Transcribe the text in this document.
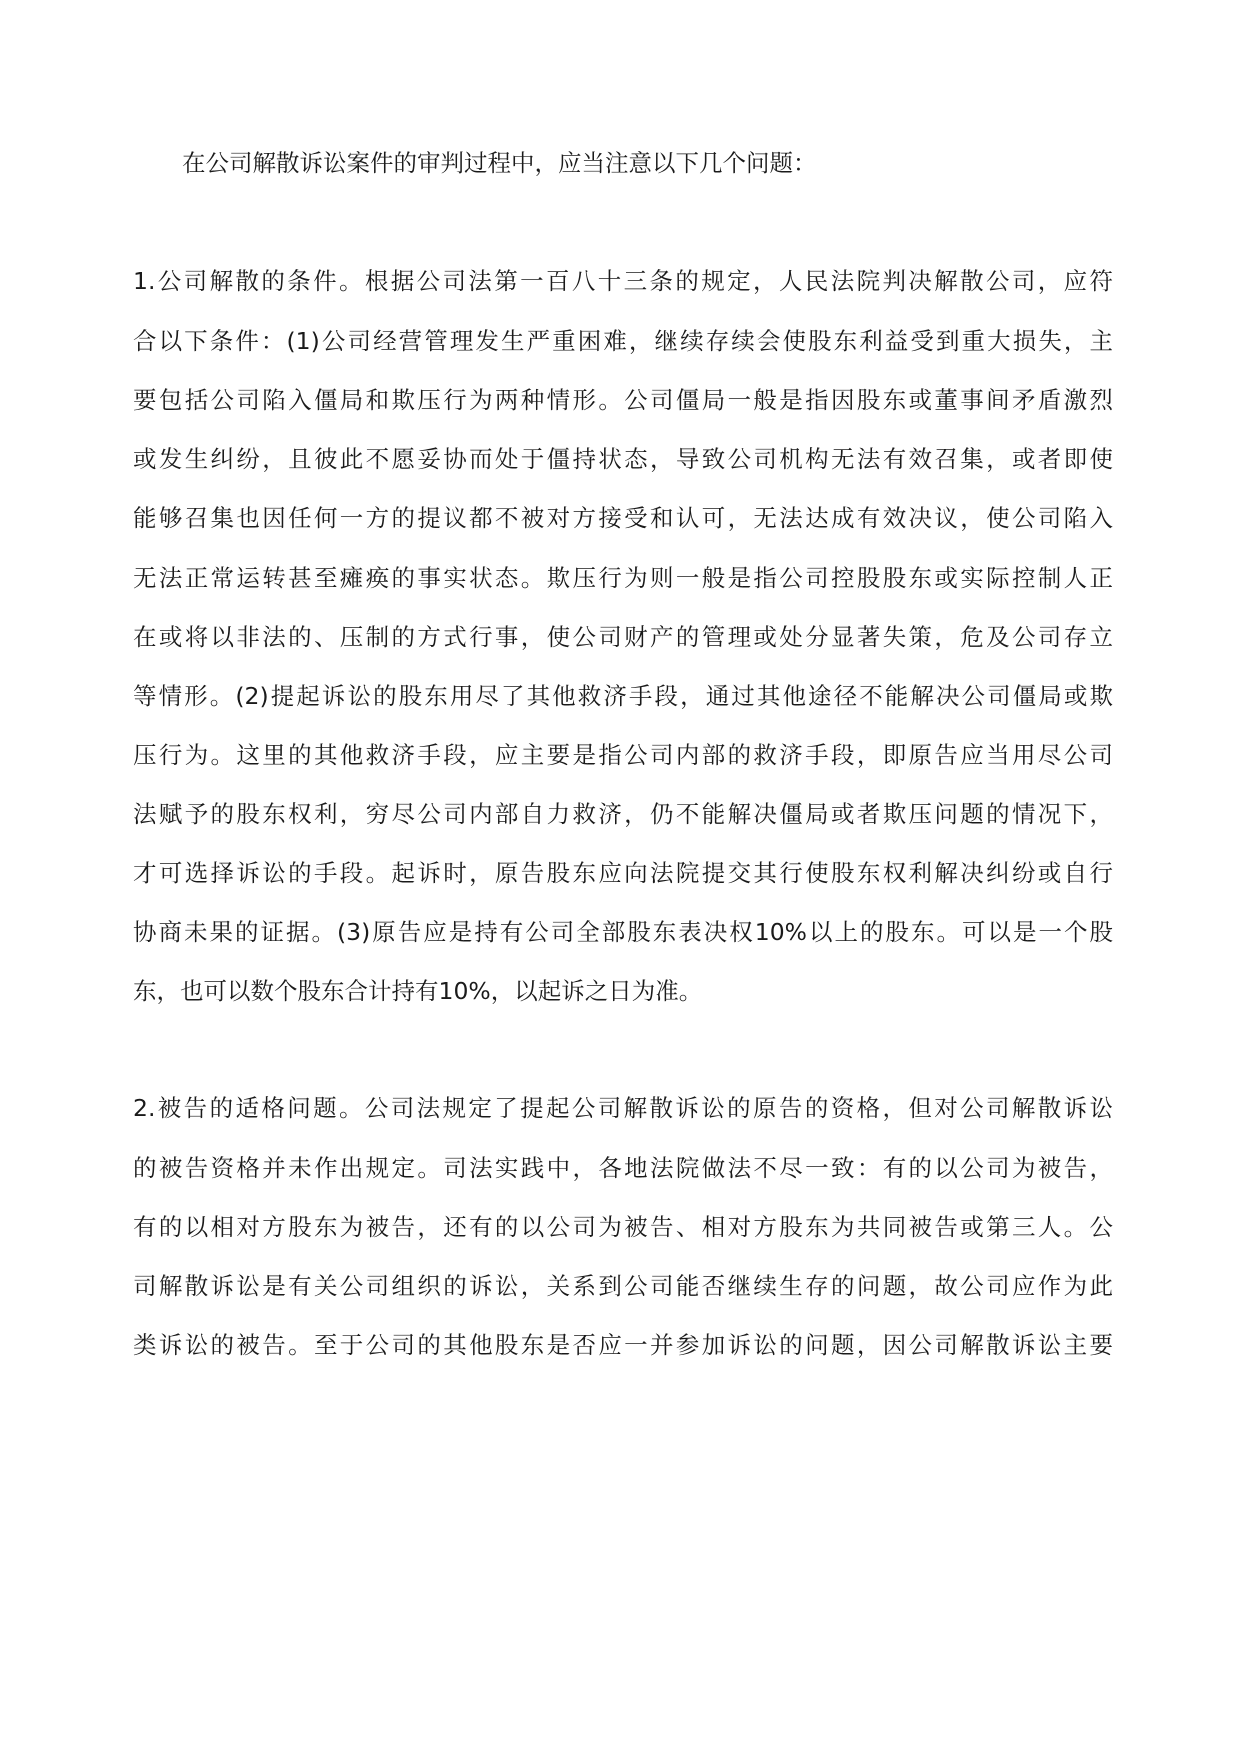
在公司解散诉讼案件的审判过程中，应当注意以下几个问题：

1.公司解散的条件。根据公司法第一百八十三条的规定，人民法院判决解散公司，应符

合以下条件：(1)公司经营管理发生严重困难，继续存续会使股东利益受到重大损失，主

要包括公司陷入僵局和欺压行为两种情形。公司僵局一般是指因股东或董事间矛盾激烈

或发生纠纷，且彼此不愿妥协而处于僵持状态，导致公司机构无法有效召集，或者即使

能够召集也因任何一方的提议都不被对方接受和认可，无法达成有效决议，使公司陷入

无法正常运转甚至瘫痪的事实状态。欺压行为则一般是指公司控股股东或实际控制人正

在或将以非法的、压制的方式行事，使公司财产的管理或处分显著失策，危及公司存立

等情形。(2)提起诉讼的股东用尽了其他救济手段，通过其他途径不能解决公司僵局或欺

压行为。这里的其他救济手段，应主要是指公司内部的救济手段，即原告应当用尽公司

法赋予的股东权利，穷尽公司内部自力救济，仍不能解决僵局或者欺压问题的情况下，

才可选择诉讼的手段。起诉时，原告股东应向法院提交其行使股东权利解决纠纷或自行

协商未果的证据。(3)原告应是持有公司全部股东表决权10%以上的股东。可以是一个股

东，也可以数个股东合计持有10%，以起诉之日为准。

2.被告的适格问题。公司法规定了提起公司解散诉讼的原告的资格，但对公司解散诉讼

的被告资格并未作出规定。司法实践中，各地法院做法不尽一致：有的以公司为被告，

有的以相对方股东为被告，还有的以公司为被告、相对方股东为共同被告或第三人。公

司解散诉讼是有关公司组织的诉讼，关系到公司能否继续生存的问题，故公司应作为此

类诉讼的被告。至于公司的其他股东是否应一并参加诉讼的问题，因公司解散诉讼主要
